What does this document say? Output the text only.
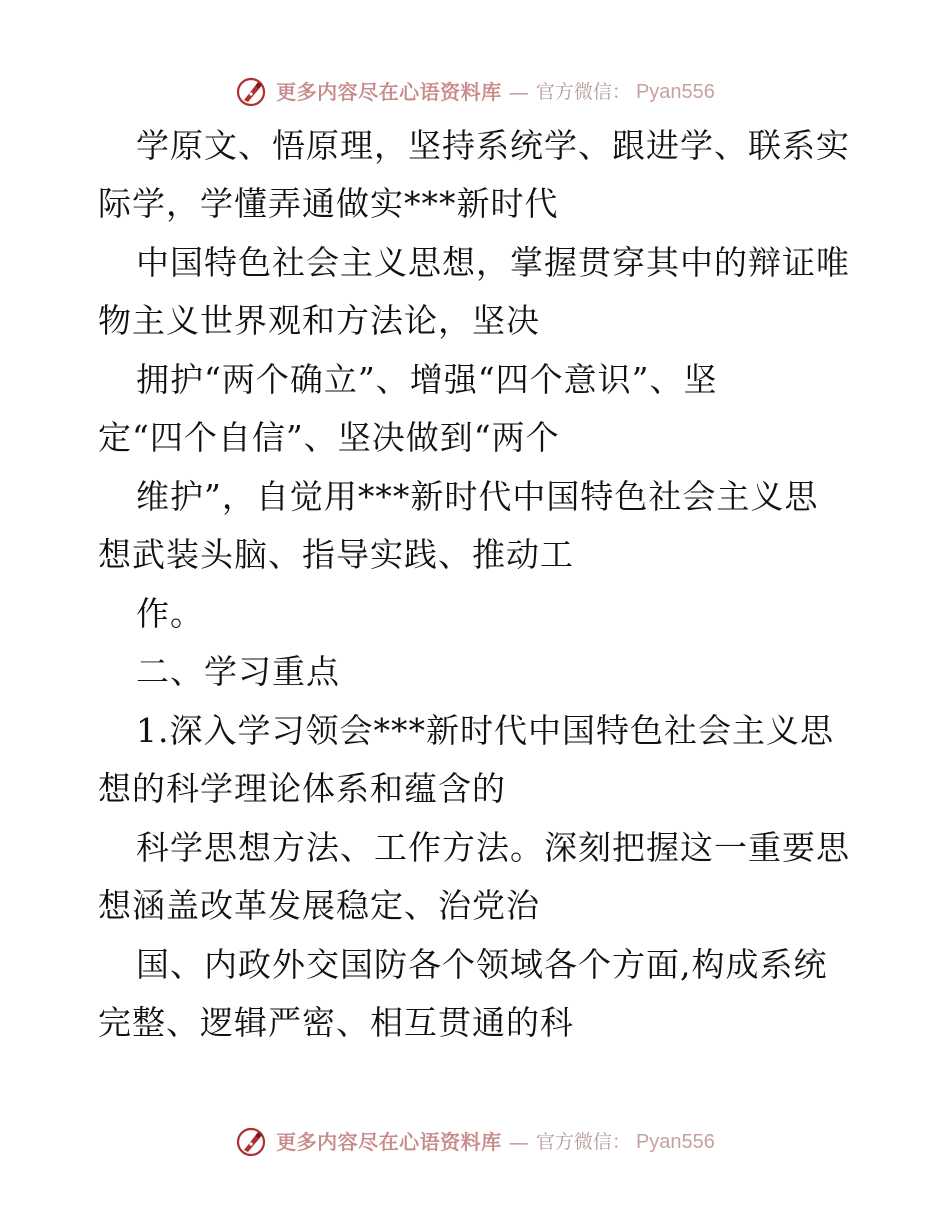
更多内容尽在心语资料库 — 官方微信： Pyan556
学原文、悟原理，坚持系统学、跟进学、联系实
际学，学懂弄通做实***新时代
中国特色社会主义思想，掌握贯穿其中的辩证唯
物主义世界观和方法论，坚决
拥护“两个确立”、增强“四个意识”、坚
定“四个自信”、坚决做到“两个
维护”，自觉用***新时代中国特色社会主义思
想武装头脑、指导实践、推动工
作。
二、学习重点
1.深入学习领会***新时代中国特色社会主义思
想的科学理论体系和蕴含的
科学思想方法、工作方法。深刻把握这一重要思
想涵盖改革发展稳定、治党治
国、内政外交国防各个领域各个方面,构成系统
完整、逻辑严密、相互贯通的科
更多内容尽在心语资料库 — 官方微信： Pyan556
